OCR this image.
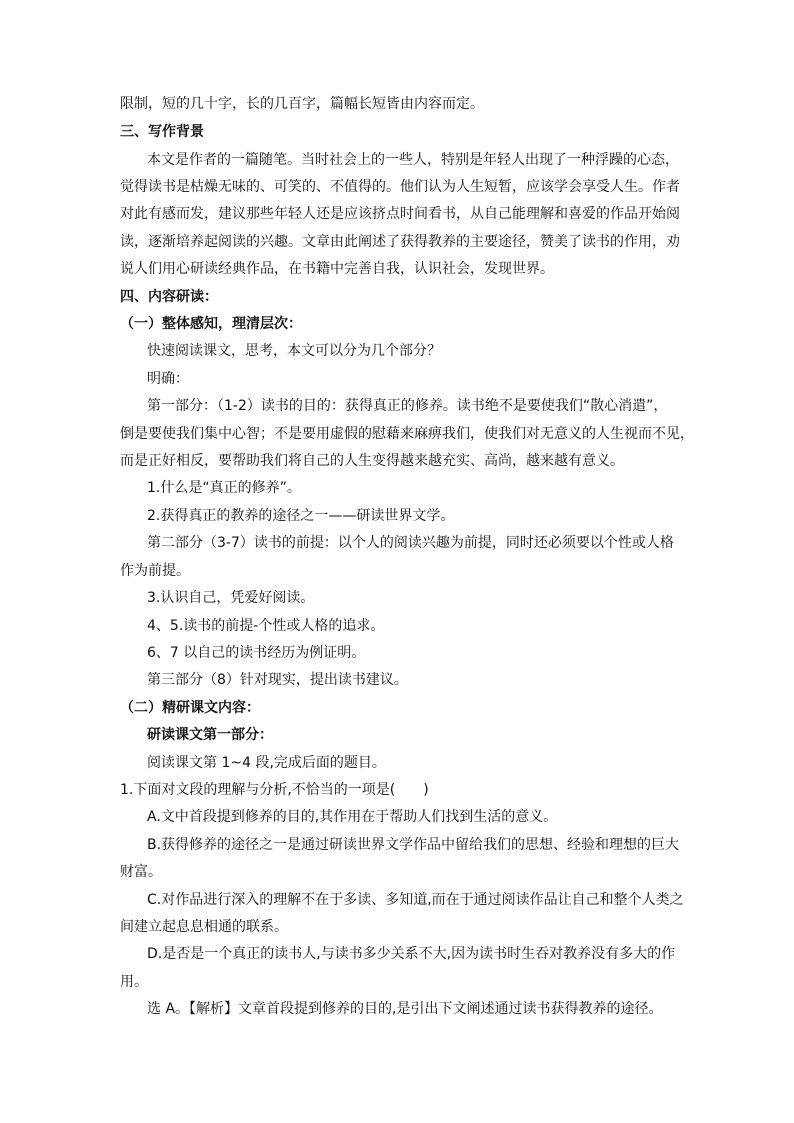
限制，短的几十字，长的几百字，篇幅长短皆由内容而定。
三、写作背景
本文是作者的一篇随笔。当时社会上的一些人，特别是年轻人出现了一种浮躁的心态，
觉得读书是枯燥无味的、可笑的、不值得的。他们认为人生短暂，应该学会享受人生。作者
对此有感而发，建议那些年轻人还是应该挤点时间看书，从自己能理解和喜爱的作品开始阅
读，逐渐培养起阅读的兴趣。文章由此阐述了获得教养的主要途径，赞美了读书的作用，劝
说人们用心研读经典作品，在书籍中完善自我，认识社会，发现世界。
四、内容研读：
（一）整体感知，理清层次：
快速阅读课文，思考，本文可以分为几个部分？
明确：
第一部分：（1-2）读书的目的：获得真正的修养。读书绝不是要使我们“散心消遣”，
倒是要使我们集中心智；不是要用虚假的慰藉来麻痹我们，使我们对无意义的人生视而不见，
而是正好相反，要帮助我们将自己的人生变得越来越充实、高尚，越来越有意义。
1.什么是“真正的修养”。
2.获得真正的教养的途径之一——研读世界文学。
第二部分（3-7）读书的前提：以个人的阅读兴趣为前提，同时还必须要以个性或人格
作为前提。
3.认识自己，凭爱好阅读。
4、5.读书的前提-个性或人格的追求。
6、7 以自己的读书经历为例证明。
第三部分（8）针对现实，提出读书建议。
（二）精研课文内容：
研读课文第一部分：
阅读课文第 1~4 段,完成后面的题目。
1.下面对文段的理解与分析,不恰当的一项是(　　)
A.文中首段提到修养的目的,其作用在于帮助人们找到生活的意义。
B.获得修养的途径之一是通过研读世界文学作品中留给我们的思想、经验和理想的巨大
财富。
C.对作品进行深入的理解不在于多读、多知道,而在于通过阅读作品让自己和整个人类之
间建立起息息相通的联系。
D.是否是一个真正的读书人,与读书多少关系不大,因为读书时生吞对教养没有多大的作
用。
选 A。【解析】文章首段提到修养的目的,是引出下文阐述通过读书获得教养的途径。
